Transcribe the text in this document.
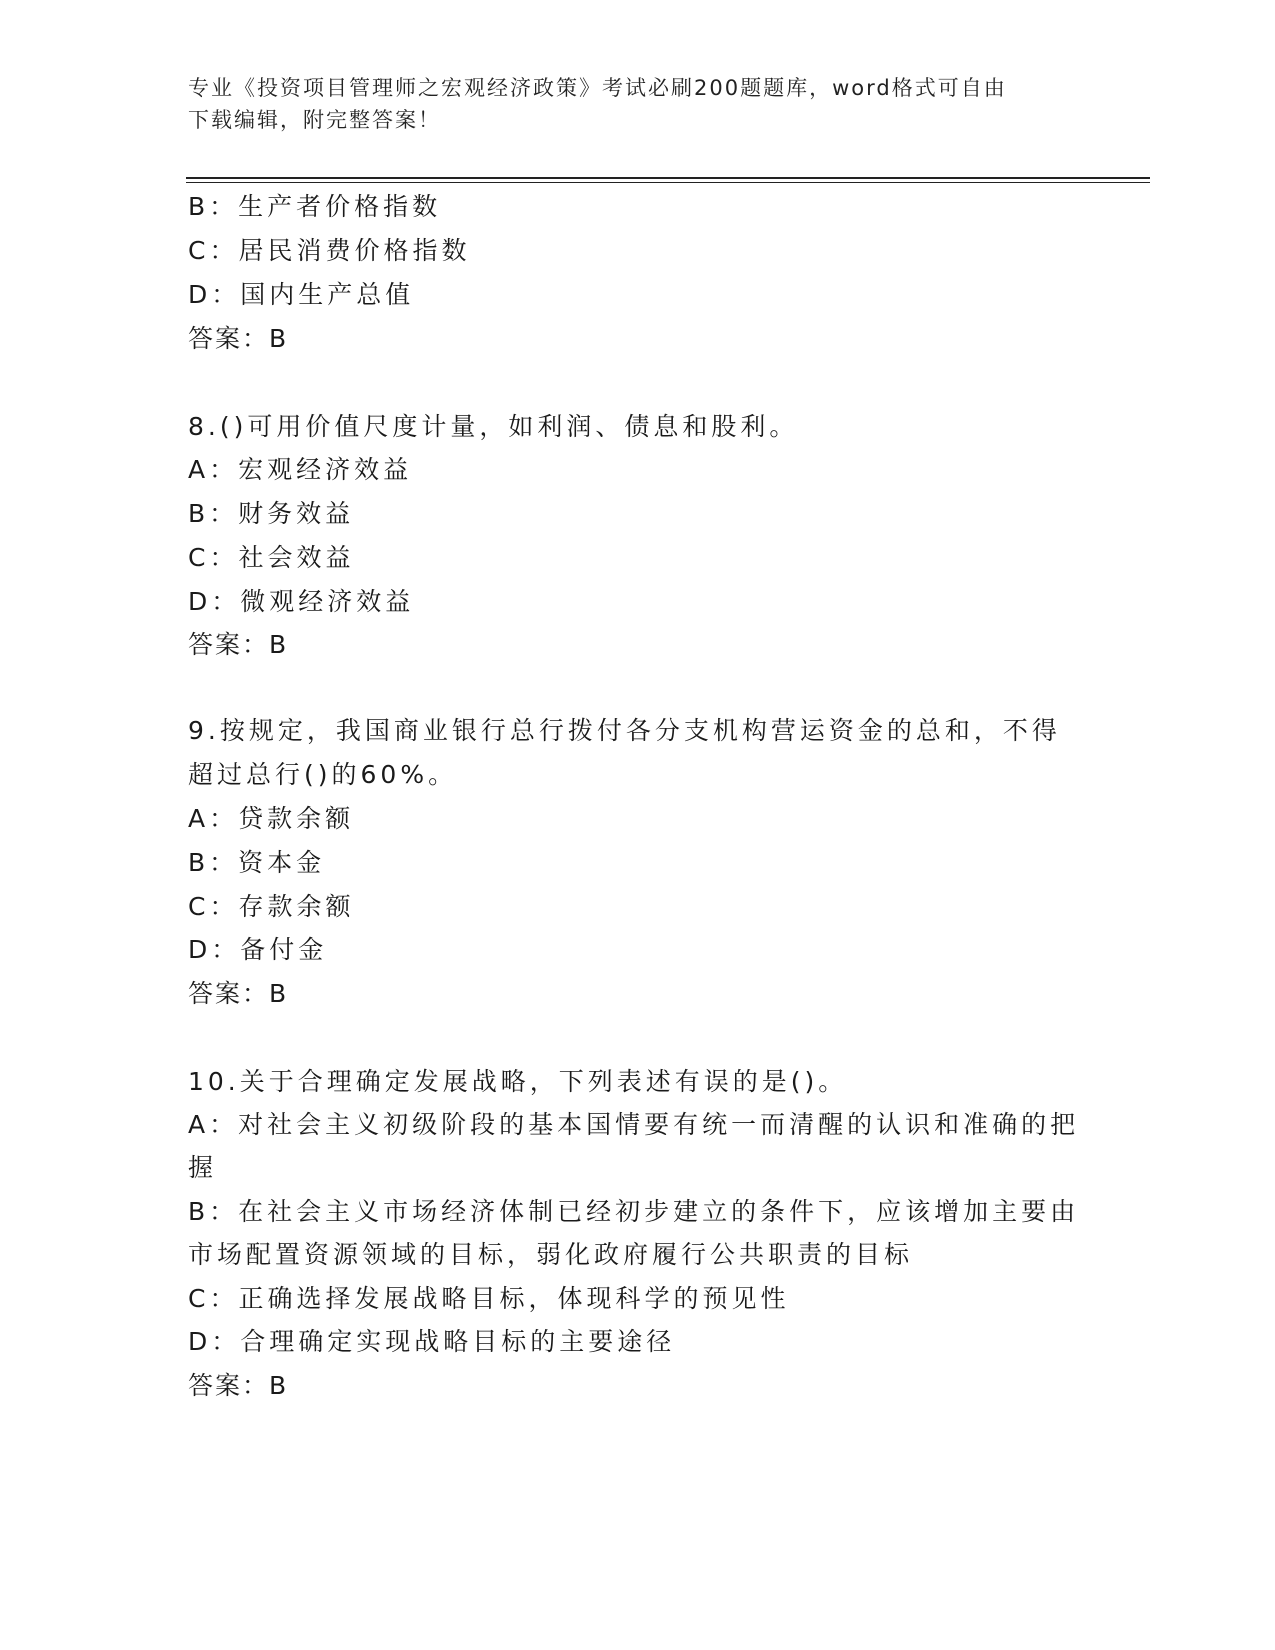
专业《投资项目管理师之宏观经济政策》考试必刷200题题库，word格式可自由
下载编辑，附完整答案！
B：生产者价格指数
C：居民消费价格指数
D：国内生产总值
答案：B
8.()可用价值尺度计量，如利润、债息和股利。
A：宏观经济效益
B：财务效益
C：社会效益
D：微观经济效益
答案：B
9.按规定，我国商业银行总行拨付各分支机构营运资金的总和，不得
超过总行()的60%。
A：贷款余额
B：资本金
C：存款余额
D：备付金
答案：B
10.关于合理确定发展战略，下列表述有误的是()。
A：对社会主义初级阶段的基本国情要有统一而清醒的认识和准确的把
握
B：在社会主义市场经济体制已经初步建立的条件下，应该增加主要由
市场配置资源领域的目标，弱化政府履行公共职责的目标
C：正确选择发展战略目标，体现科学的预见性
D：合理确定实现战略目标的主要途径
答案：B
